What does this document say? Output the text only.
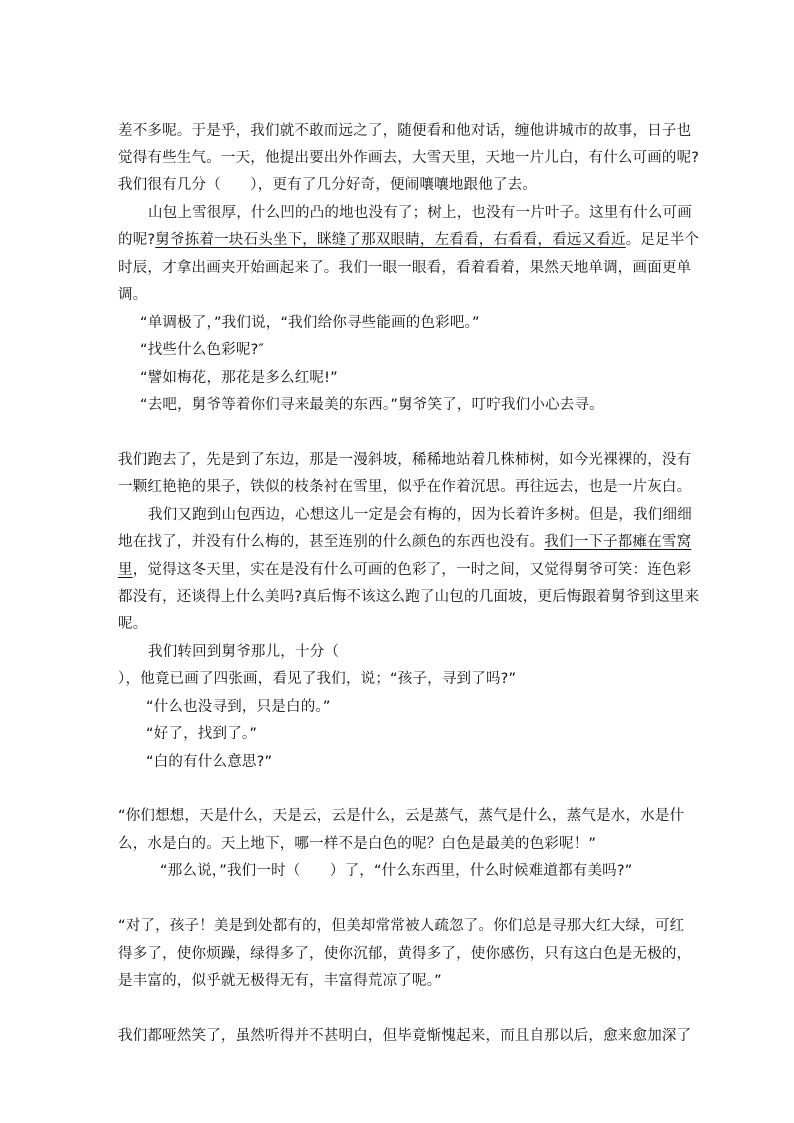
差不多呢。于是乎，我们就不敢而远之了，随便看和他对话，缠他讲城市的故事，日子也
觉得有些生气。一天，他提出要出外作画去，大雪天里，天地一片儿白，有什么可画的呢?
我们很有几分（　　），更有了几分好奇，便闹嚷嚷地跟他了去。
山包上雪很厚，什么凹的凸的地也没有了；树上，也没有一片叶子。这里有什么可画
的呢?舅爷拣着一块石头坐下，眯缝了那双眼睛，左看看，右看看，看远又看近。足足半个
时辰，才拿出画夹开始画起来了。我们一眼一眼看，看着看着，果然天地单调，画面更单
调。
“单调极了，”我们说，“我们给你寻些能画的色彩吧。”
“找些什么色彩呢?″
“譬如梅花，那花是多么红呢!”
“去吧，舅爷等着你们寻来最美的东西。”舅爷笑了，叮咛我们小心去寻。
我们跑去了，先是到了东边，那是一漫斜坡，稀稀地站着几株柿树，如今光裸裸的，没有
一颗红艳艳的果子，铁似的枝条衬在雪里，似乎在作着沉思。再往远去，也是一片灰白。
我们又跑到山包西边，心想这儿一定是会有梅的，因为长着许多树。但是，我们细细
地在找了，并没有什么梅的，甚至连别的什么颜色的东西也没有。我们一下子都瘫在雪窝
里，觉得这冬天里，实在是没有什么可画的色彩了，一时之间，又觉得舅爷可笑：连色彩
都没有，还谈得上什么美吗?真后悔不该这么跑了山包的几面坡，更后悔跟着舅爷到这里来
呢。
我们转回到舅爷那儿，十分（
），他竟已画了四张画，看见了我们，说；“孩子，寻到了吗?”
“什么也没寻到，只是白的。”
“好了，找到了。”
“白的有什么意思?”
“你们想想，天是什么，天是云，云是什么，云是蒸气，蒸气是什么，蒸气是水，水是什
么，水是白的。天上地下，哪一样不是白色的呢？白色是最美的色彩呢！”
“那么说，”我们一时（　　）了，“什么东西里，什么时候难道都有美吗?”
“对了，孩子！美是到处都有的，但美却常常被人疏忽了。你们总是寻那大红大绿，可红
得多了，使你烦躁，绿得多了，使你沉郁，黄得多了，使你感伤，只有这白色是无极的，
是丰富的，似乎就无极得无有，丰富得荒凉了呢。”
我们都哑然笑了，虽然听得并不甚明白，但毕竟惭愧起来，而且自那以后，愈来愈加深了
